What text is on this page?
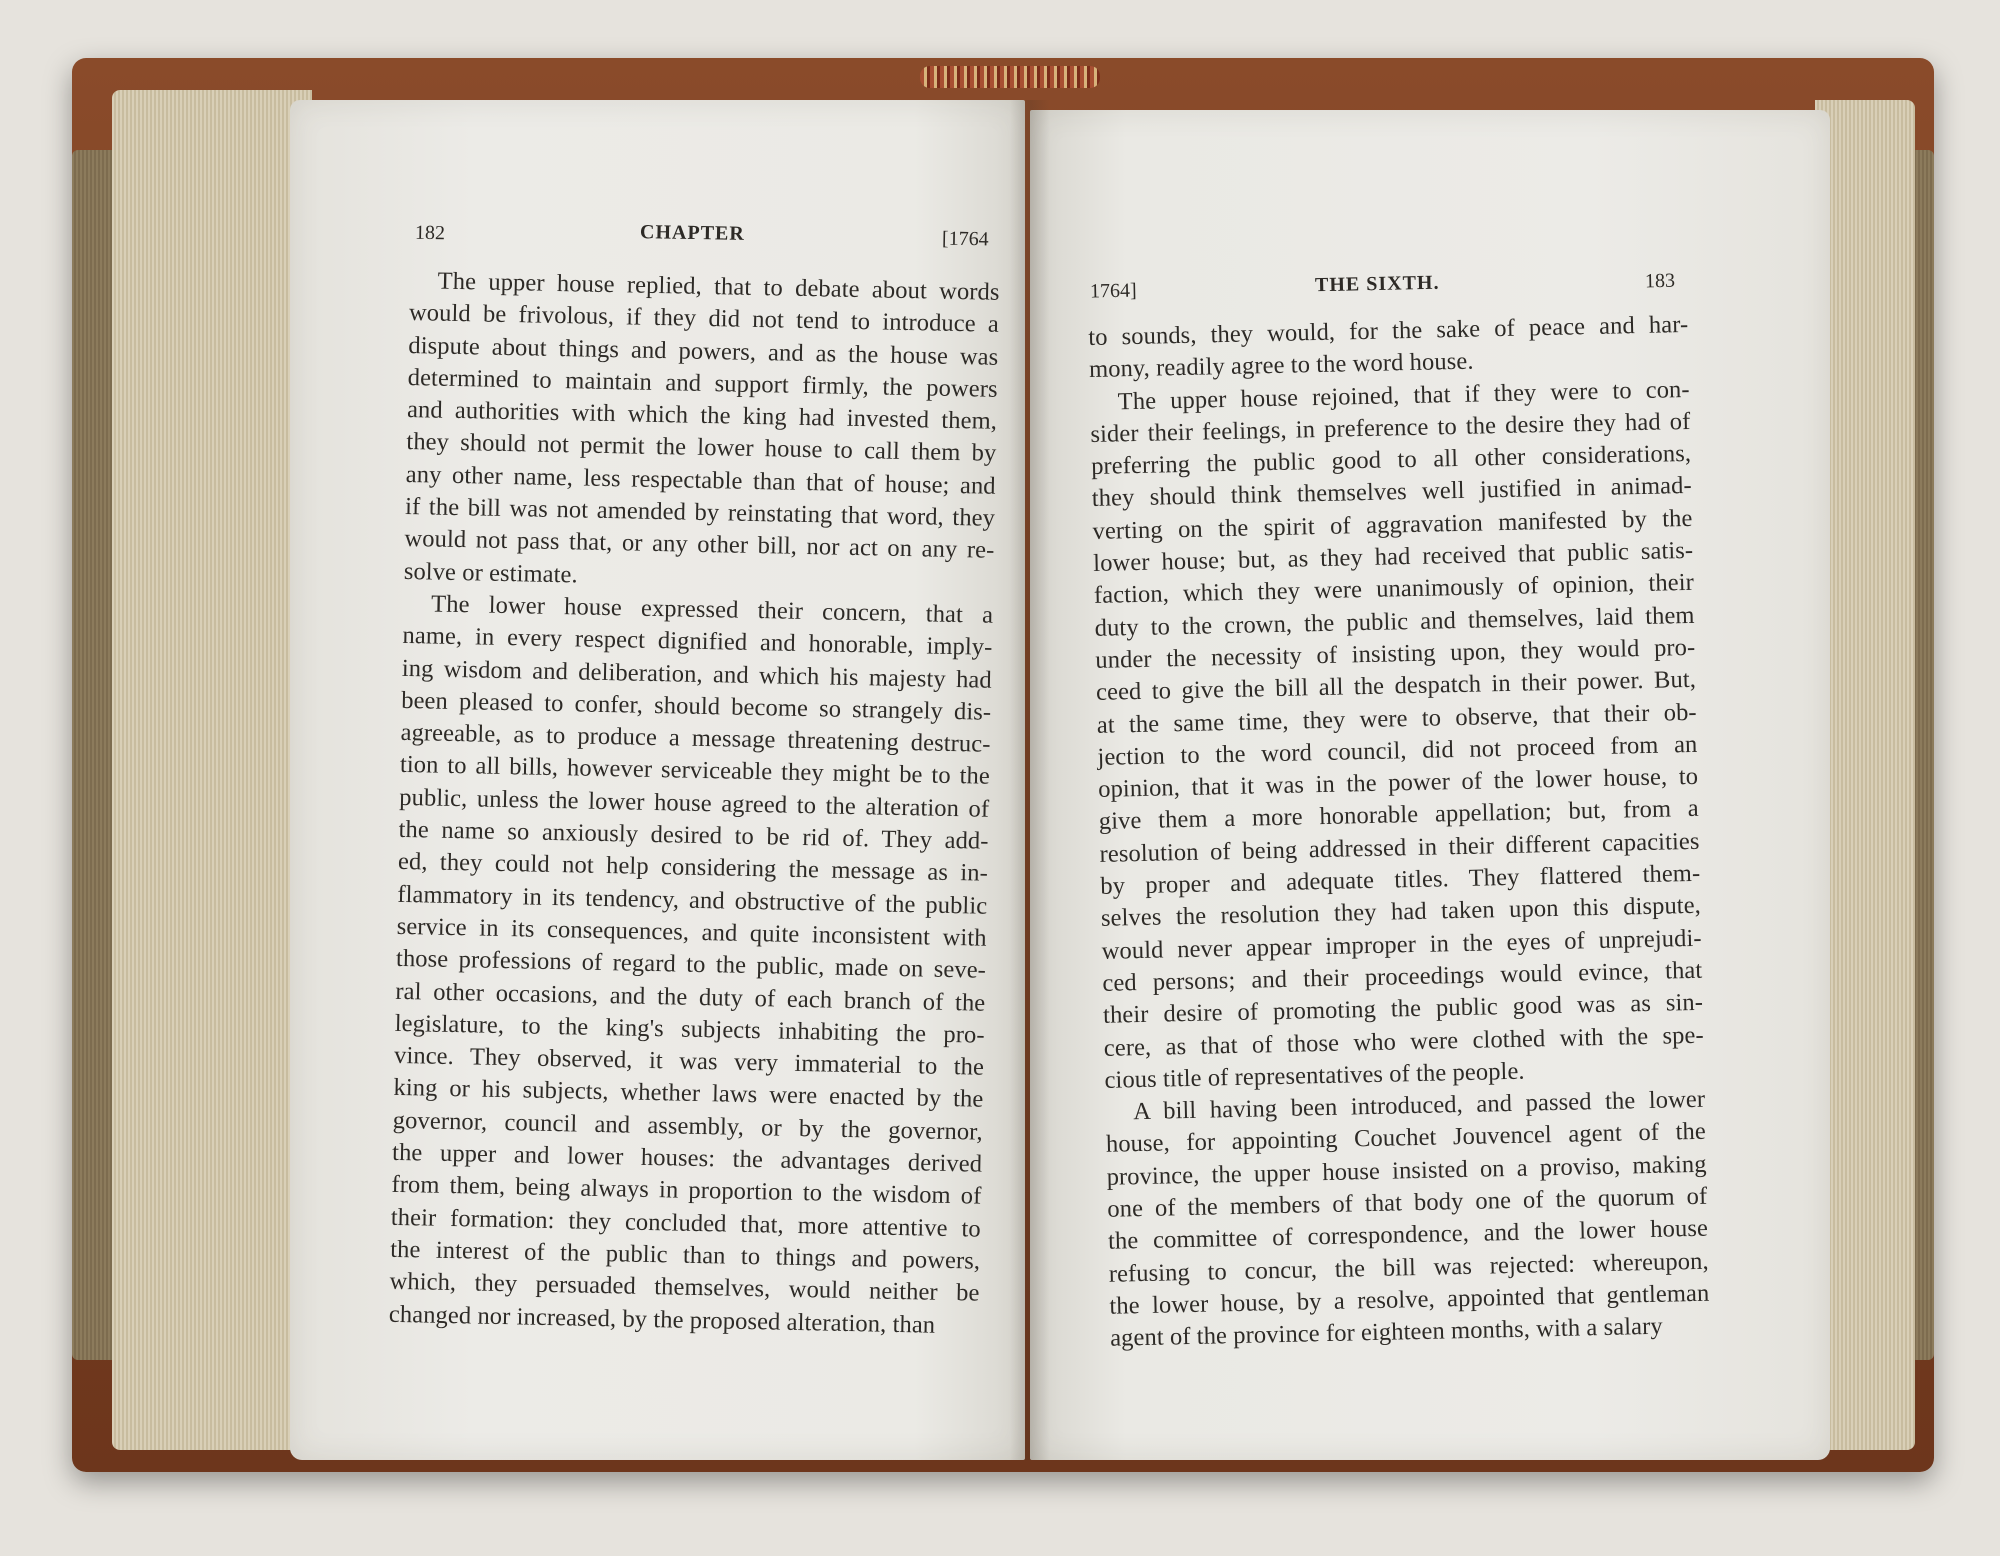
182	CHAPTER	[1764
1764]	THE SIXTH.	183
The upper house replied, that to debate about words
would be frivolous, if they did not tend to introduce a
dispute about things and powers, and as the house was
determined to maintain and support firmly, the powers
and authorities with which the king had invested them,
they should not permit the lower house to call them by
any other name, less respectable than that of house; and
if the bill was not amended by reinstating that word, they
would not pass that, or any other bill, nor act on any re-
solve or estimate.
The lower house expressed their concern, that a
name, in every respect dignified and honorable, imply-
ing wisdom and deliberation, and which his majesty had
been pleased to confer, should become so strangely dis-
agreeable, as to produce a message threatening destruc-
tion to all bills, however serviceable they might be to the
public, unless the lower house agreed to the alteration of
the name so anxiously desired to be rid of. They add-
ed, they could not help considering the message as in-
flammatory in its tendency, and obstructive of the public
service in its consequences, and quite inconsistent with
those professions of regard to the public, made on seve-
ral other occasions, and the duty of each branch of the
legislature, to the king's subjects inhabiting the pro-
vince. They observed, it was very immaterial to the
king or his subjects, whether laws were enacted by the
governor, council and assembly, or by the governor,
the upper and lower houses: the advantages derived
from them, being always in proportion to the wisdom of
their formation: they concluded that, more attentive to
the interest of the public than to things and powers,
which, they persuaded themselves, would neither be
changed nor increased, by the proposed alteration, than
to sounds, they would, for the sake of peace and har-
mony, readily agree to the word house.
The upper house rejoined, that if they were to con-
sider their feelings, in preference to the desire they had of
preferring the public good to all other considerations,
they should think themselves well justified in animad-
verting on the spirit of aggravation manifested by the
lower house; but, as they had received that public satis-
faction, which they were unanimously of opinion, their
duty to the crown, the public and themselves, laid them
under the necessity of insisting upon, they would pro-
ceed to give the bill all the despatch in their power. But,
at the same time, they were to observe, that their ob-
jection to the word council, did not proceed from an
opinion, that it was in the power of the lower house, to
give them a more honorable appellation; but, from a
resolution of being addressed in their different capacities
by proper and adequate titles. They flattered them-
selves the resolution they had taken upon this dispute,
would never appear improper in the eyes of unprejudi-
ced persons; and their proceedings would evince, that
their desire of promoting the public good was as sin-
cere, as that of those who were clothed with the spe-
cious title of representatives of the people.
A bill having been introduced, and passed the lower
house, for appointing Couchet Jouvencel agent of the
province, the upper house insisted on a proviso, making
one of the members of that body one of the quorum of
the committee of correspondence, and the lower house
refusing to concur, the bill was rejected: whereupon,
the lower house, by a resolve, appointed that gentleman
agent of the province for eighteen months, with a salary
